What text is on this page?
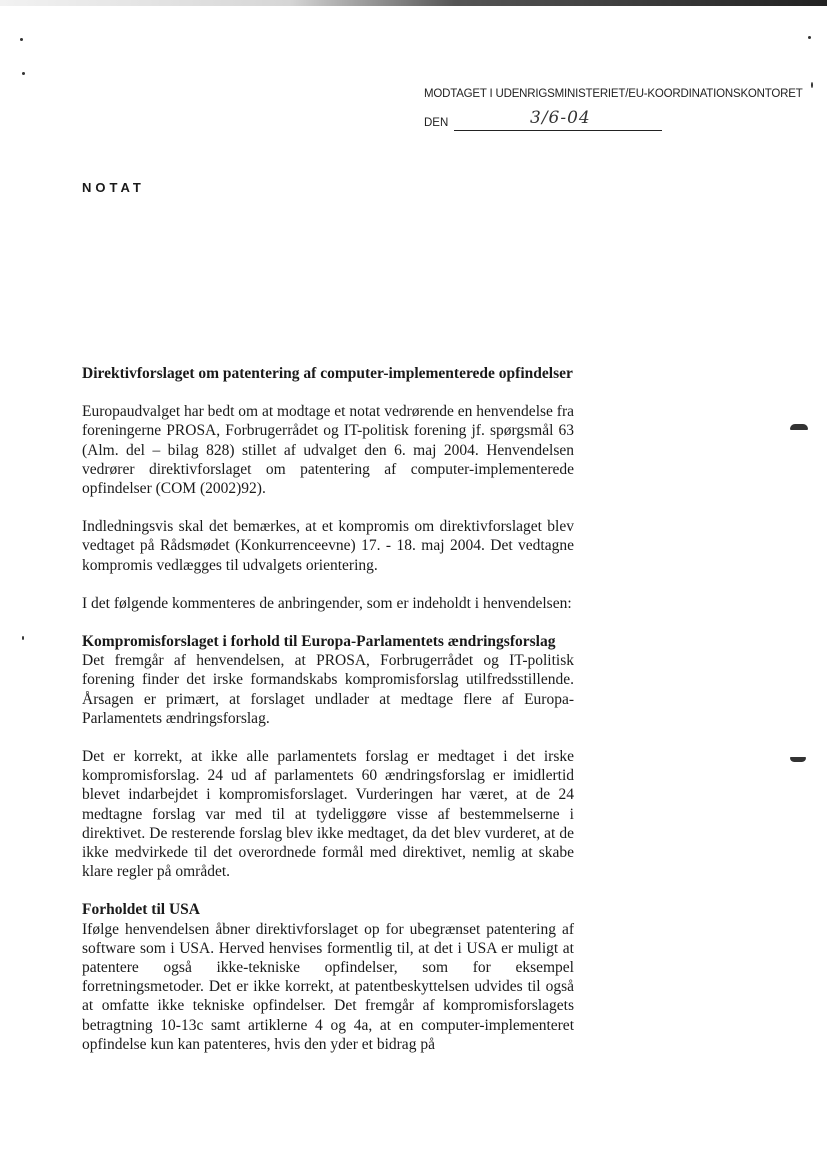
MODTAGET I UDENRIGSMINISTERIET/EU-KOORDINATIONSKONTORET
DEN	3/6-04
NOTAT
Direktivforslaget om patentering af computer-implementerede opfindelser

Europaudvalget har bedt om at modtage et notat vedrørende en henvendelse fra foreningerne PROSA, Forbrugerrådet og IT-politisk forening jf. spørgsmål 63 (Alm. del – bilag 828) stillet af udvalget den 6. maj 2004. Henvendelsen vedrører direktivforslaget om patentering af computer-implementerede opfindelser (COM (2002)92).

Indledningsvis skal det bemærkes, at et kompromis om direktivforslaget blev vedtaget på Rådsmødet (Konkurrenceevne) 17. - 18. maj 2004. Det vedtagne kompromis vedlægges til udvalgets orientering.

I det følgende kommenteres de anbringender, som er indeholdt i henvendelsen:

Kompromisforslaget i forhold til Europa-Parlamentets ændringsforslag

Det fremgår af henvendelsen, at PROSA, Forbrugerrådet og IT-politisk forening finder det irske formandskabs kompromisforslag utilfredsstillende. Årsagen er primært, at forslaget undlader at medtage flere af Europa-Parlamentets ændringsforslag.

Det er korrekt, at ikke alle parlamentets forslag er medtaget i det irske kompromisforslag. 24 ud af parlamentets 60 ændringsforslag er imidlertid blevet indarbejdet i kompromisforslaget. Vurderingen har været, at de 24 medtagne forslag var med til at tydeliggøre visse af bestemmelserne i direktivet. De resterende forslag blev ikke medtaget, da det blev vurderet, at de ikke medvirkede til det overordnede formål med direktivet, nemlig at skabe klare regler på området.

Forholdet til USA

Ifølge henvendelsen åbner direktivforslaget op for ubegrænset patentering af software som i USA. Herved henvises formentlig til, at det i USA er muligt at patentere også ikke-tekniske opfindelser, som for eksempel forretningsmetoder. Det er ikke korrekt, at patentbeskyttelsen udvides til også at omfatte ikke tekniske opfindelser. Det fremgår af kompromisforslagets betragtning 10-13c samt artiklerne 4 og 4a, at en computer-implementeret opfindelse kun kan patenteres, hvis den yder et bidrag på
